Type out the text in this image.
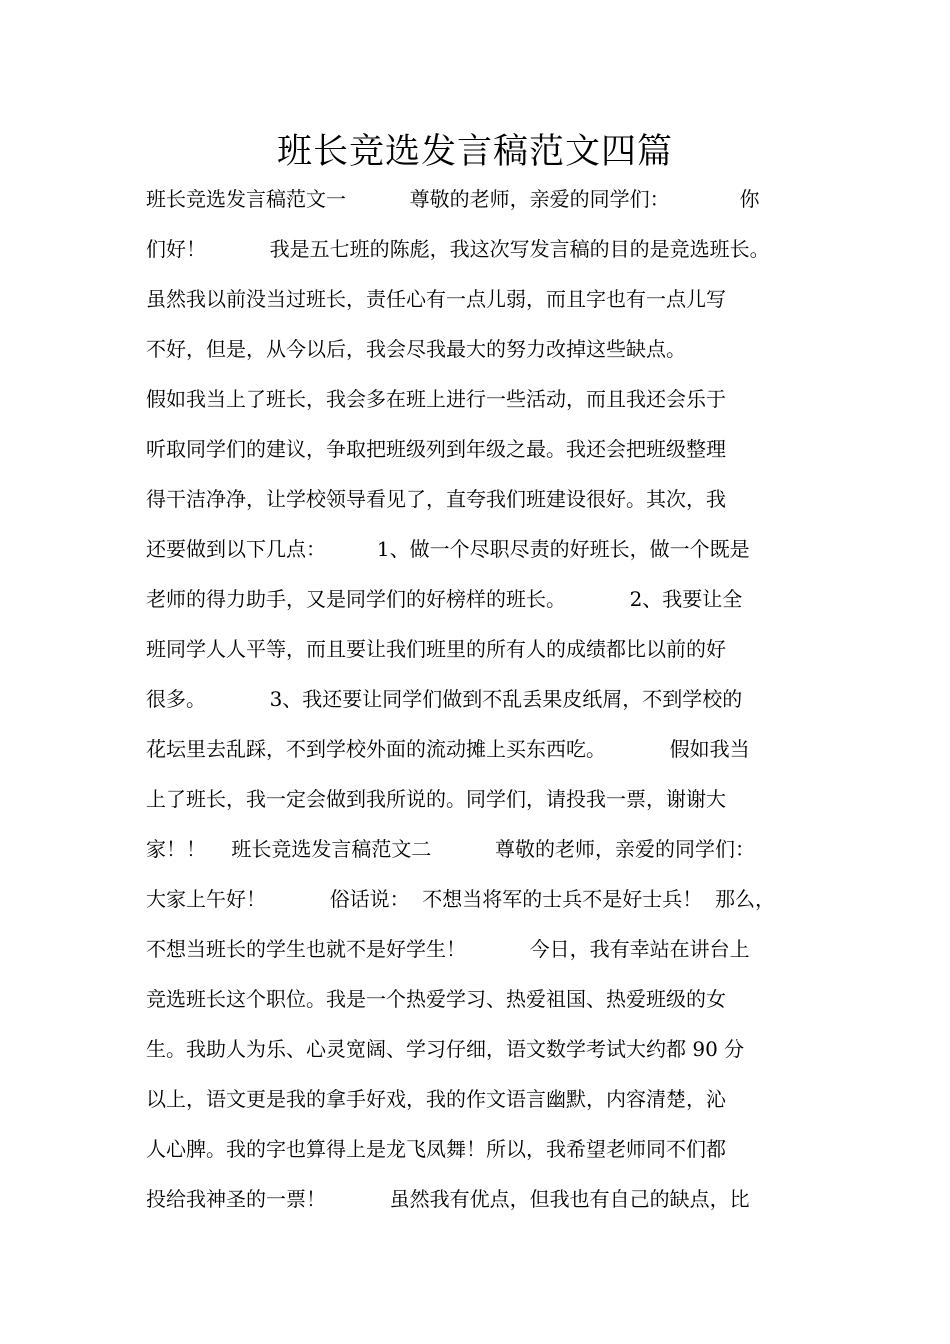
班长竞选发言稿范文四篇
班长竞选发言稿范文一          尊敬的老师，亲爱的同学们：           你
们好！          我是五七班的陈彪，我这次写发言稿的目的是竞选班长。
虽然我以前没当过班长，责任心有一点儿弱，而且字也有一点儿写
不好，但是，从今以后，我会尽我最大的努力改掉这些缺点。
假如我当上了班长，我会多在班上进行一些活动，而且我还会乐于
听取同学们的建议，争取把班级列到年级之最。我还会把班级整理
得干洁净净，让学校领导看见了，直夸我们班建设很好。其次，我
还要做到以下几点：        1、做一个尽职尽责的好班长，做一个既是
老师的得力助手，又是同学们的好榜样的班长。          2、我要让全
班同学人人平等，而且要让我们班里的所有人的成绩都比以前的好
很多。          3、我还要让同学们做到不乱丢果皮纸屑，不到学校的
花坛里去乱踩，不到学校外面的流动摊上买东西吃。          假如我当
上了班长，我一定会做到我所说的。同学们，请投我一票，谢谢大
家！！    班长竞选发言稿范文二          尊敬的老师，亲爱的同学们：
大家上午好！          俗话说：  不想当将军的士兵不是好士兵！  那么，
不想当班长的学生也就不是好学生！          今日，我有幸站在讲台上
竞选班长这个职位。我是一个热爱学习、热爱祖国、热爱班级的女
生。我助人为乐、心灵宽阔、学习仔细，语文数学考试大约都 90 分
以上，语文更是我的拿手好戏，我的作文语言幽默，内容清楚，沁
人心脾。我的字也算得上是龙飞凤舞！所以，我希望老师同不们都
投给我神圣的一票！          虽然我有优点，但我也有自己的缺点，比
